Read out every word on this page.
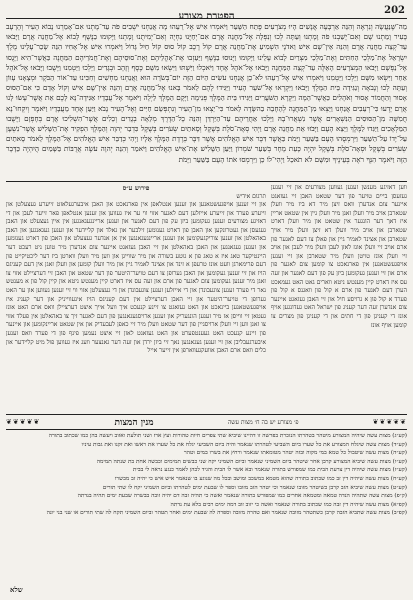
הפטרת מצורע
202
מַה־שֶּׁנַּעֲשָׂה וְנִרְאֶה וְהִנֵּה אַרְבָּעָה אֲנָשִׁים הָיוּ מְצֹרָעִים פֶּתַח הַשָּׁעַר וַיֹּאמְרוּ אִישׁ אֶל־רֵעֵהוּ מָה אֲנַחְנוּ יֹשְׁבִים פֹּה עַד־מָתְנוּ אִם־אָמַרְנוּ נָבוֹא הָעִיר וְהָרָעָב בָּעִיר וָמַתְנוּ שָׁם וְאִם־יָשַׁבְנוּ פֹה וָמָתְנוּ וְעַתָּה לְכוּ וְנִפְּלָה אֶל־מַחֲנֵה אֲרָם אִם־יְחַיֻּנוּ נִחְיֶה וְאִם־יְמִיתֻנוּ וָמָתְנוּ וַיָּקוּמוּ בַנֶּשֶׁף לָבוֹא אֶל־מַחֲנֵה אֲרָם וַיָּבֹאוּ עַד־קְצֵה מַחֲנֵה אֲרָם וְהִנֵּה אֵין־שָׁם אִישׁ וַאדֹנָי הִשְׁמִיעַ אֶת־מַחֲנֵה אֲרָם קוֹל רֶכֶב קוֹל סוּס קוֹל חַיִל גָּדוֹל וַיֹּאמְרוּ אִישׁ אֶל־אָחִיו הִנֵּה שָׂכַר־עָלֵינוּ מֶלֶךְ יִשְׂרָאֵל אֶת־מַלְכֵי הַחִתִּים וְאֶת־מַלְכֵי מִצְרַיִם לָבוֹא עָלֵינוּ וַיָּקוּמוּ וַיָּנוּסוּ בַנֶּשֶׁף וַיַּעַזְבוּ אֶת־אָהֳלֵיהֶם וְאֶת־סוּסֵיהֶם וְאֶת־חֲמֹרֵיהֶם הַמַּחֲנֶה כַּאֲשֶׁר־הִיא וַיָּנֻסוּ אֶל־נַפְשָׁם וַיָּבֹאוּ הַמְצֹרָעִים הָאֵלֶּה עַד־קְצֵה הַמַּחֲנֶה וַיָּבֹאוּ אֶל־אֹהֶל אֶחָד וַיֹּאכְלוּ וַיִּשְׁתּוּ וַיִּשְׂאוּ מִשָּׁם כֶּסֶף וְזָהָב וּבְגָדִים וַיֵּלְכוּ וַיַּטְמִנוּ וַיָּשֻׁבוּ וַיָּבֹאוּ אֶל־אֹהֶל אַחֵר וַיִּשְׂאוּ מִשָּׁם וַיֵּלְכוּ וַיַּטְמִנוּ וַיֹּאמְרוּ אִישׁ אֶל־רֵעֵהוּ לֹא־כֵן אֲנַחְנוּ עֹשִׂים הַיּוֹם הַזֶּה יוֹם־בְּשֹׂרָה הוּא וַאֲנַחְנוּ מַחְשִׁים וְחִכִּינוּ עַד־אוֹר הַבֹּקֶר וּמְצָאָנוּ עָווֹן וְעַתָּה לְכוּ וְנָבֹאָה וְנַגִּידָה בֵּית הַמֶּלֶךְ וַיָּבֹאוּ וַיִּקְרְאוּ אֶל־שֹׁעֵר הָעִיר וַיַּגִּידוּ לָהֶם לֵאמֹר בָּאנוּ אֶל־מַחֲנֵה אֲרָם וְהִנֵּה אֵין־שָׁם אִישׁ וְקוֹל אָדָם כִּי אִם־הַסּוּס אָסוּר וְהַחֲמוֹר אָסוּר וְאֹהָלִים כַּאֲשֶׁר־הֵמָּה וַיִּקְרָא הַשֹּׁעֲרִים וַיַּגִּידוּ בֵּית הַמֶּלֶךְ פְּנִימָה וַיָּקָם הַמֶּלֶךְ לַיְלָה וַיֹּאמֶר אֶל־עֲבָדָיו אַגִּידָה־נָּא לָכֶם אֵת אֲשֶׁר־עָשׂוּ לָנוּ אֲרָם יָדְעוּ כִּי־רְעֵבִים אֲנַחְנוּ וַיֵּצְאוּ מִן־הַמַּחֲנֶה לְהֵחָבֵה בַהשָּׂדֶה לֵאמֹר כִּי־יֵצְאוּ מִן־הָעִיר וְנִתְפְּשֵׂם חַיִּים וְאֶל־הָעִיר נָבֹא וַיַּעַן אֶחָד מֵעֲבָדָיו וַיֹּאמֶר וְיִקְחוּ־נָא חֲמִשָּׁה מִן־הַסּוּסִים הַנִּשְׁאָרִים אֲשֶׁר נִשְׁאֲרוּ־בָהּ וַיֵּלְכוּ אַחֲרֵיהֶם עַד־הַיַּרְדֵּן וְהִנֵּה כָל־הַדֶּרֶךְ מְלֵאָה בְגָדִים וְכֵלִים אֲשֶׁר־הִשְׁלִיכוּ אֲרָם בְּחָפְזָם וַיָּשֻׁבוּ הַמַּלְאָכִים וַיַּגִּדוּ לַמֶּלֶךְ וַיֵּצֵא הָעָם וַיָּבֹזּוּ אֵת מַחֲנֵה אֲרָם וַיְהִי סְאָה־סֹלֶת בְּשֶׁקֶל וְסָאתַיִם שְׂעֹרִים בְּשֶׁקֶל כִּדְבַר יְהוָה וְהַמֶּלֶךְ הִפְקִיד אֶת־הַשָּׁלִישׁ אֲשֶׁר־נִשְׁעָן עַל־יָדוֹ עַל־הַשַּׁעַר וַיִּרְמְסֻהוּ הָעָם בַּשַּׁעַר וַיָּמֹת כַּאֲשֶׁר דִּבֶּר אִישׁ הָאֱלֹהִים אֲשֶׁר דִּבֶּר בְּרֶדֶת הַמֶּלֶךְ אֵלָיו וַיְהִי כְּדַבֵּר אִישׁ הָאֱלֹהִים אֶל־הַמֶּלֶךְ לֵאמֹר סָאתַיִם שְׂעֹרִים בְּשֶׁקֶל וּסְאָה־סֹלֶת בְּשֶׁקֶל יִהְיֶה כָּעֵת מָחָר בְּשַׁעַר שֹׁמְרוֹן וַיַּעַן הַשָּׁלִישׁ אֶת־אִישׁ הָאֱלֹהִים וַיֹּאמַר וְהִנֵּה יְהוָה עֹשֶׂה אֲרֻבּוֹת בַּשָּׁמַיִם הֲיִהְיֶה כַּדָּבָר הַזֶּה וַיֹּאמֶר הִנְּךָ רֹאֶה בְּעֵינֶיךָ וּמִשָּׁם לֹא תֹאכֵל וַיְהִי־לוֹ כֵן וַיִּרְמְסוּ אֹתוֹ הָעָם בַּשַּׁעַר וַיָּמֹת
ווען דאזיגע מענשן זענען געווען מצורעים און זיי זענען געזעסן בייים טויער פון דער שטאט האבן זיי געזאגט איינער צום אנדערן וואס זיצן מיר דא ביז מיר וועלן שטארבן אויב מיר וועלן זאגן מיר וועלן גיין אין שטאט אריין איז דאך דער הונגער אין שטאט און מיר וועלן דארט שטארבן און אויב מיר וועלן דא זיצן וועלן מיר אויך שטארבן און אצינד לאמיר גיין און פאלן צו דעם לאגער פון ארם אויב זיי וועלן אונז לאזן לעבן וועלן מיר לעבן און אויב זיי וועלן אונז טויטן וועלן מיר שטארבן און זיי זענען אויפגעשטאנען אין פארנאכט צו קומען צום לאגער פון ארם און זיי זענען געקומען ביזן עק פון דעם לאגער און זעה עס איז דארט קיין מענטש ניטא ווארים גאט האט געמאכט הערן דעם לאגער פון ארם א קול פון וואגנס א קול פון פערד א קול פון א גרויסע חיל און זיי האבן געזאגט איינער צום אנדערן זעה דער קעניג פון ישראל האט געדונגען אויף אונז די קעניגן פון די חתים און די קעניגן פון מצרים צו קומען אויף אונז
פירוש ע״ס
תרגום אידיש
און זיי זענען אויפגעשטאנען און זענען אנטלאפן אין פארנאכט און האבן איבערגעלאזט זייערע געצעלטן און זייערע פערד און זייערע אייזלען דעם לאגער אזוי ווי ער איז געווען און זענען אנטלאפן פאר זייער לעבן און די דאזיגע מצורעים זענען געקומען ביזן עק פון דעם לאגער און זענען אריינגעגאנגען אין איין געצעלט און האבן געגעסן און געטרונקען און האבן פון דארט גענומען זילבער און גאלד און קליידער און זענען געגאנגען און האבן באהאלטן און זענען צוריקגעקומען און זענען אריינגעגאנגען אין אן אנדער געצעלט און האבן פון דארט גענומען און זענען געגאנגען און האבן באהאלטן און זיי האבן געזאגט איינער צום אנדערן מיר טוען ניט רעכט דער היינטיקער טאג איז א טאג פון א גוטע בשורה און מיר שווייגן און ווען מיר וועלן ווארטן ביז דער ליכטיקייט פון דעם פרימארגן וועט אונז טרעפן א זינד און אצינד לאמיר גיין און מיר וועלן קומען און וועלן זאגן אין דעם קעניגס הויז און זיי זענען געקומען און האבן גערופן צו דעם טויער־היטער פון דער שטאט און האבן זיי דערציילט אזוי צו זאגן מיר זענען געקומען צום לאגער פון ארם און זעה עס איז דארט קיין מענטש ניטא און קיין קול פון א מענטש נאר די פערד זענען צוגעבונדן און די אייזלען זענען צוגעבונדן און די געצעלטן אזוי ווי זיי זענען געווען און ער האט גערופן די טויער־היטער און זיי האבן דערציילט אין דעם קעניגס הויז אינעווייניק און דער קעניג איז אויפגעשטאנען ביינאכט און האט געזאגט צו זיינע קנעכט איך וועל אייך איצט דערציילן וואס ארם האט אונז געטאן זיי ווייסן אז מיר זענען הונגעריק און זענען ארויסגעגאנגען פון דעם לאגער זיך צו באהאלטן אין פעלד אזוי צו זאגן ווען זיי וועלן ארויסגיין פון דער שטאט וועלן מיר זיי כאפן לעבעדיק און אין שטאט אריינקומען און איינער פון זיינע קנעכט האט געענטפערט און האט געזאגט לאזן זיי איצט נעמען פינף פון די פערד וואס זענען איבערגעבליבן און זיי זענען געגאנגען נאך זיי ביזן ירדן און זעה דער גאנצער וועג איז געווען פול מיט קליידער און כלים וואס ארם האבן אוועקגעווארפן אין זייער אייל
❦❦❦❦❦	מנין המצות	פ׳ מצורע יש בה ח׳ מצות עשה	❦❦❦❦❦

(קע״ג) מצות עשה שיהיה המצורע מיטהר בטהרתו הנזכרת בפרשה זו דהיינו שיביא שתי צפרים חיות טהורות ועץ ארז ושני תולעת ואזוב ויעשה בהן כמו שכתוב בתורה

(קע״ד) מצות עשה שיגלח המצורע את כל שערו ביום השביעי לטהרתו שנאמר והיה ביום השביעי יגלח את כל שערו את ראשו ואת זקנו ואת גבות עיניו

(קע״ה) מצות עשה שיטבול כל טמא במי מקוה ובזה יטהר מטומאתו שנאמר ורחץ את בשרו במים וטהר

(קע״ו) מצות עשה שיביא המצורע קרבן אחר שיטהר ביום השמיני שנאמר וביום השמיני יקח שני כבשים תמימים וכבשה אחת בת שנתה תמימה

(קע״ז) מצות עשה שיהיה דין צרעת הבית כמו שמפורש בתורה שנאמר ובא אשר לו הבית והגיד לכהן לאמר כנגע נראה לי בבית

(קע״ח) מצות עשה שיהיה דין זב כמו שכתוב בתורה שהוא מטמא במשכב ומושב ובכל מה שנוגע בו שנאמר איש איש כי יהיה זב מבשרו

(קע״ט) מצות עשה שיביא הזב קרבן כשיטהר מזובו שנאמר וכי יטהר הזב מזובו וספר לו שבעת ימים לטהרתו וביום השמיני יקח לו שתי תורים

(ק״פ) מצות עשה שתהיה הנדה טמאה ומטמאה אחרים כמו שמפורש בתורה שנאמר ואשה כי תהיה זבה דם יהיה זובה בבשרה שבעת ימים תהיה בנדתה

(קפ״א) מצות עשה שיהיה דין זבה כמו שכתוב בתורה שנאמר ואשה כי יזוב זוב דמה ימים רבים בלא עת נדתה

(קפ״ב) מצות עשה שתביא הזבה קרבן כשתטהר מזובה שנאמר ואם טהרה מזובה וספרה לה שבעת ימים ואחר תטהר וביום השמיני תקח לה שתי תורים או שני בני יונה

שלא
